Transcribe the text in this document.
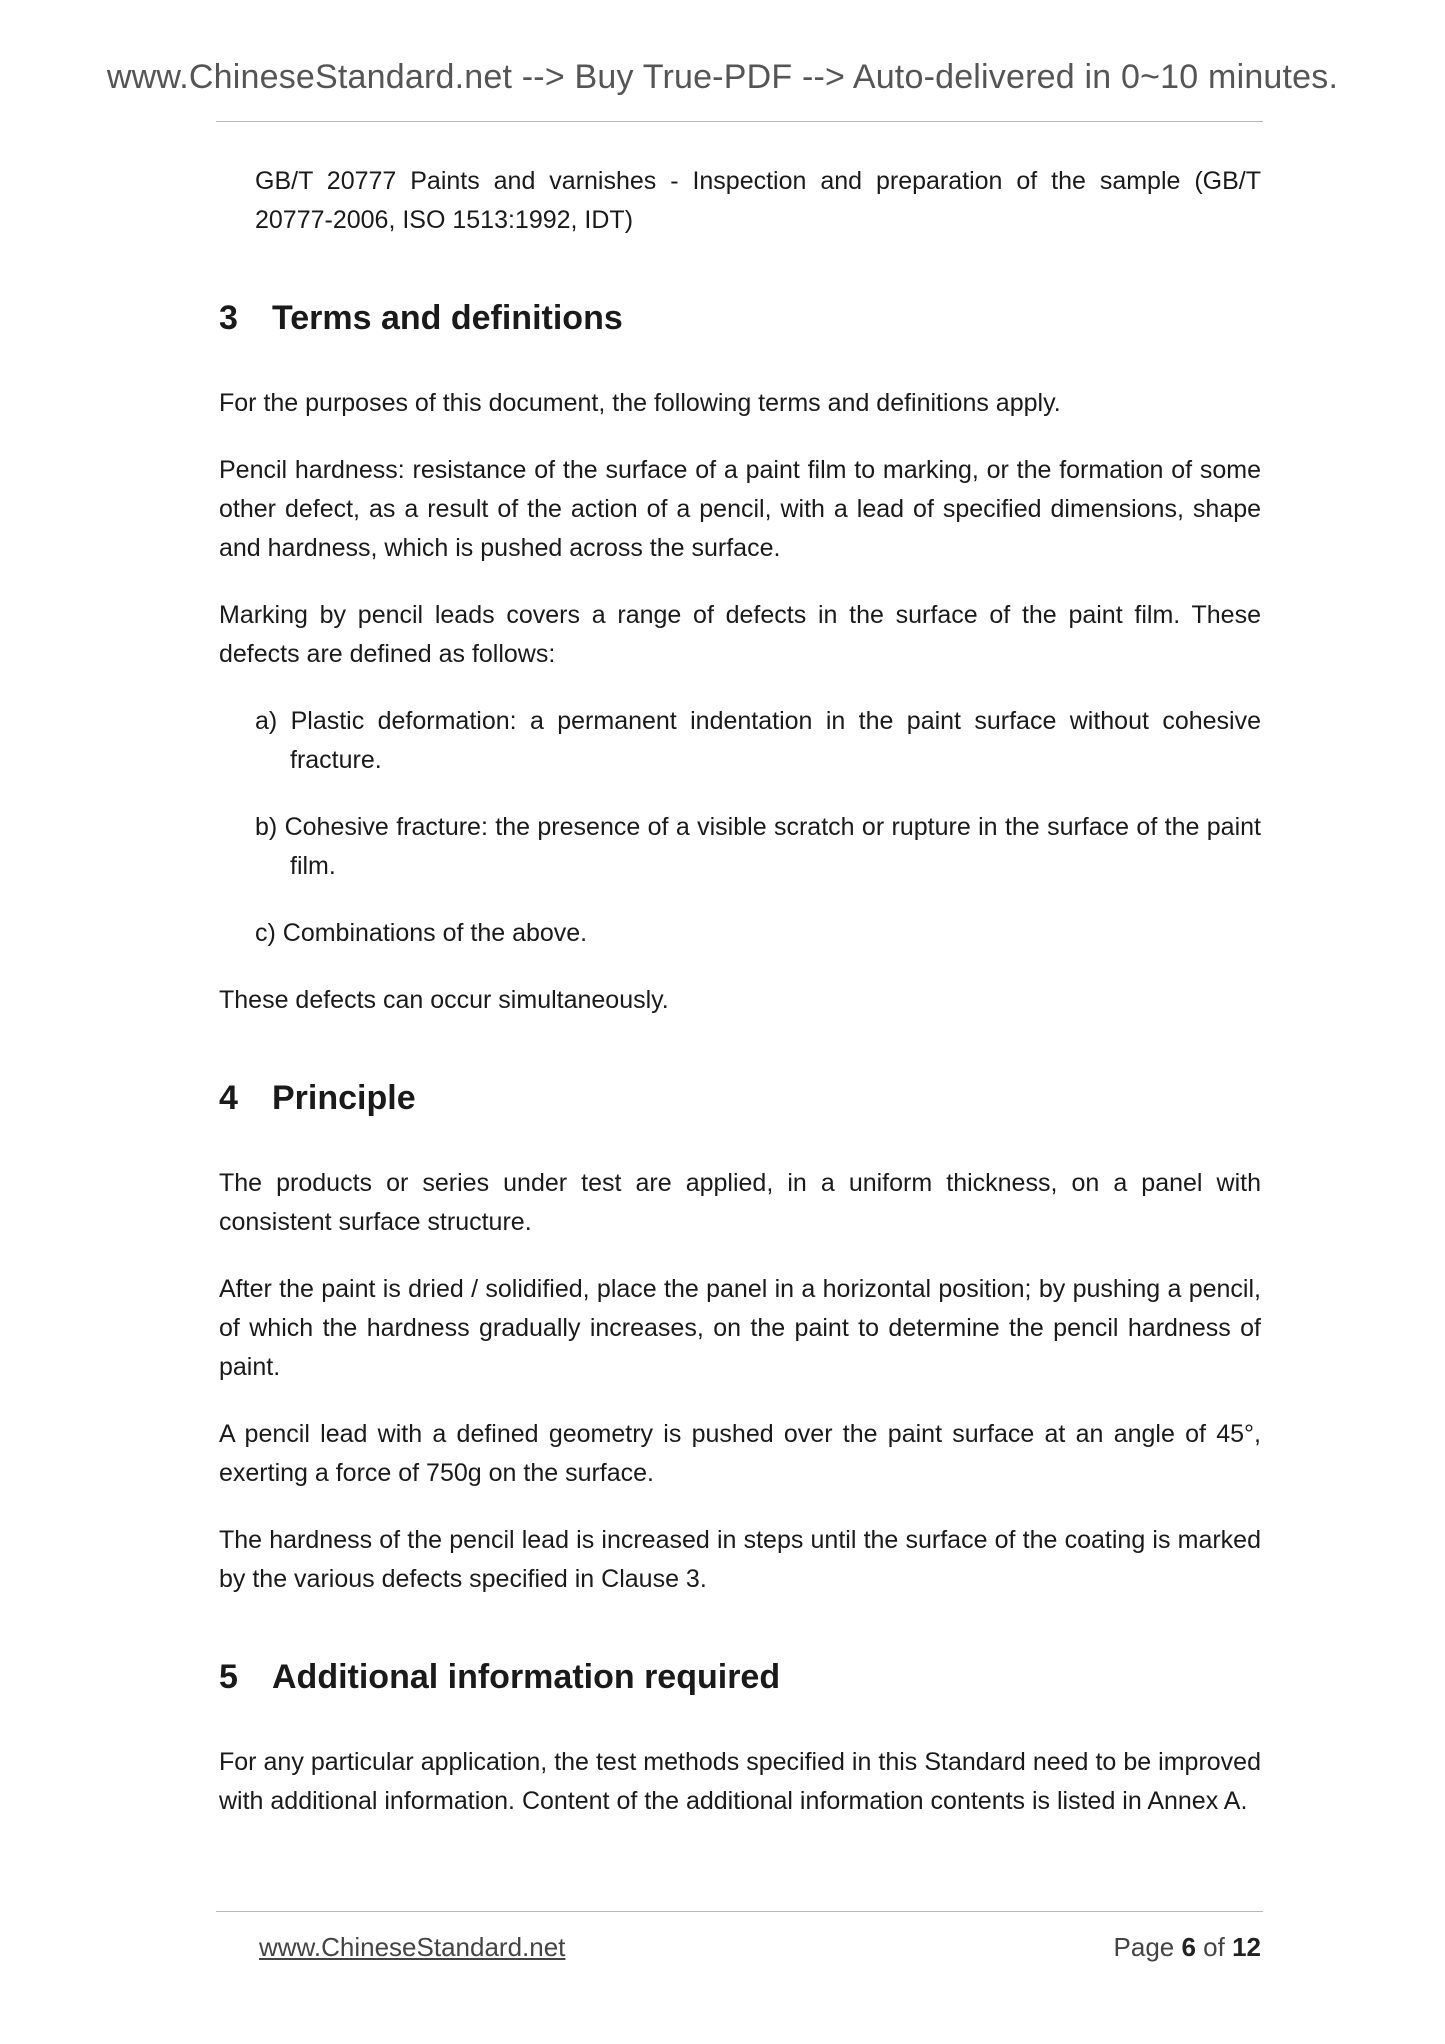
www.ChineseStandard.net --> Buy True-PDF --> Auto-delivered in 0~10 minutes.

GB/T 20777 Paints and varnishes - Inspection and preparation of the sample (GB/T 20777-2006, ISO 1513:1992, IDT)

3 Terms and definitions

For the purposes of this document, the following terms and definitions apply.

Pencil hardness: resistance of the surface of a paint film to marking, or the formation of some other defect, as a result of the action of a pencil, with a lead of specified dimensions, shape and hardness, which is pushed across the surface.

Marking by pencil leads covers a range of defects in the surface of the paint film. These defects are defined as follows:

a) Plastic deformation: a permanent indentation in the paint surface without cohesive fracture.

b) Cohesive fracture: the presence of a visible scratch or rupture in the surface of the paint film.

c) Combinations of the above.

These defects can occur simultaneously.

4 Principle

The products or series under test are applied, in a uniform thickness, on a panel with consistent surface structure.

After the paint is dried / solidified, place the panel in a horizontal position; by pushing a pencil, of which the hardness gradually increases, on the paint to determine the pencil hardness of paint.

A pencil lead with a defined geometry is pushed over the paint surface at an angle of 45°, exerting a force of 750g on the surface.

The hardness of the pencil lead is increased in steps until the surface of the coating is marked by the various defects specified in Clause 3.

5 Additional information required

For any particular application, the test methods specified in this Standard need to be improved with additional information. Content of the additional information contents is listed in Annex A.

www.ChineseStandard.net	Page 6 of 12
